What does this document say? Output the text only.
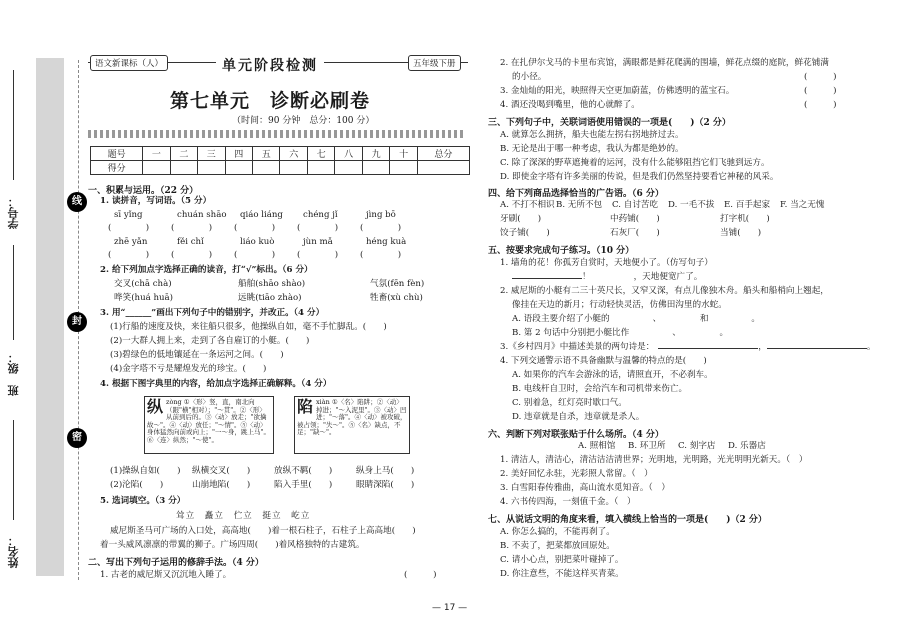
学号：
班　级：
姓名：
线
封
密
语文新课标（人）	单元阶段检测	五年级下册
第七单元　诊断必刷卷
（时间：90 分钟　总分：100 分）
题号	一	二	三	四	五	六	七	八	九	十	总分
得分											
一、积累与运用。（22 分）
1. 读拼音，写词语。（5 分）
sī yǐng
(　　　　)
chuán shāo
(　　　　)
qiáo liáng
(　　　　)
chéng jǐ
(　　　　)
jìng bō
(　　　　)
zhē yǎn
(　　　　)
fěi chǐ
(　　　　)
liáo kuò
(　　　　)
jùn mǎ
(　　　　)
héng kuà
(　　　　)
2. 给下列加点字选择正确的读音，打“√”标出。（6 分）
交叉(chā chà)	船舶(shāo shào)	气氛(fēn fèn)
哗笑(huá huā)	远眺(tiāo zhào)	牲畜(xù chù)
3. 用“______”画出下列句子中的错别字，并改正。（4 分）
(1)行船的速度及快，来往船只很多，他操纵自如，毫不手忙脚乱。(　　)
(2)一大群人拥上来，走到了各自雇订的小艇。(　　)
(3)碧绿色的低地镶延在一条运河之间。(　　)
(4)金字塔不亏是耀煌发光的珍宝。(　　)
4. 根据下图字典里的内容，给加点字选择正确解释。（4 分）
纵 zòng ①〈形〉竖，直，南北向（跟"横"相对）；"～贯"。②〈形〉从前到后的。③〈动〉放走；"欲擒故～"。④〈动〉放任；"～情"。⑤〈动〉身体猛然向前或向上；"一～身，跳上马"。⑥〈连〉纵然；"～使"。
陷 xiàn ①〈名〉陷阱；②〈动〉掉进；"～入泥里"。③〈动〉凹进；"～落"。④〈动〉被攻破，被占领；"失～"。⑤〈名〉缺点，不足；"缺～"。
(1)操纵自如(　　) 纵横交叉(　　)	放纵不羁(　　)	纵身上马(　　)
(2)沦陷(　　)	山崩地陷(　　)	陷入手里(　　)	眼睛深陷(　　)
5. 选词填空。（3 分）
耸立　矗立　伫立　挺立　屹立
威尼斯圣马可广场的入口处，高高地(　　)着一根石柱子，石柱子上高高地(　　)
着一头威风凛凛的带翼的狮子。广场四周(　　)着风格独特的古建筑。
二、写出下列句子运用的修辞手法。（4 分）
1. 古老的威尼斯又沉沉地入睡了。	(　　　)
2. 在扎伊尔戈马的卡里布宾馆，满眼都是鲜花爬满的围墙，鲜花点缀的庭院，鲜花铺满
的小径。	(　　　)
3. 金灿灿的阳光，映照得天空更加蔚蓝，仿佛透明的蓝宝石。	(　　　)
4. 酒还没喝到嘴里，他的心就醉了。	(　　　)
三、下列句子中，关联词语使用错误的一项是(　　)（2 分）
A. 就算怎么拥挤，船夫也能左拐右拐地挤过去。
B. 无论是出于哪一种考虑，我认为都是绝妙的。
C. 除了深深的野草遮掩着的运河，没有什么能够阻挡它们飞驰到远方。
D. 即使金字塔有许多美丽的传说，但是我们仍然坚持要看它神秘的风采。
四、给下列商品选择恰当的广告语。（6 分）
A. 不打不相识 B. 无所不包 C. 自讨苦吃 D. 一毛不拔 E. 百手起家 F. 当之无愧
牙刷(　　)	中药铺(　　)	打字机(　　)
饺子铺(　　)	石灰厂(　　)	当铺(　　)
五、按要求完成句子练习。（10 分）
1. 墙角的花！你孤芳自赏时，天地便小了。（仿写句子）
！　　　　　，天地便宽广了。
2. 威尼斯的小艇有二三十英尺长，又窄又深，有点儿像独木舟。船头和船梢向上翘起，
像挂在天边的新月；行动轻快灵活，仿佛田沟里的水蛇。
A. 语段主要介绍了小艇的　　　　　、　　　　　和　　　　　。
B. 第 2 句话中分别把小艇比作　　　　　、　　　　　。
3.《乡村四月》中描述美景的两句诗是：	，	。
4. 下列交通警示语不具备幽默与温馨的特点的是(　　)
A. 如果你的汽车会游泳的话，请照直开，不必刹车。
B. 电线杆自卫时，会给汽车和司机带来伤亡。
C. 别着急，红灯亮时歇口气。
D. 违章就是自杀，违章就是杀人。
六、判断下列对联张贴于什么场所。（4 分）
A. 照相馆 B. 环卫所 C. 刻字店 D. 乐器店
1. 清洁人，清洁心，清洁洁洁清世界；光明地，光明路，光光明明光新天。（　）
2. 美好回忆永驻，光彩照人常留。（　）
3. 白雪阳春传雅曲，高山流水觅知音。（　）
4. 六书传四海，一刻值千金。（　）
七、从说话文明的角度来看，填入横线上恰当的一项是(　　)（2 分）
A. 你怎么搞的，不能再刹了。
B. 不卖了，把菜都放回原处。
C. 请小心点，别把菜叶碰掉了。
D. 你注意些，不能这样买青菜。
— 17 —
